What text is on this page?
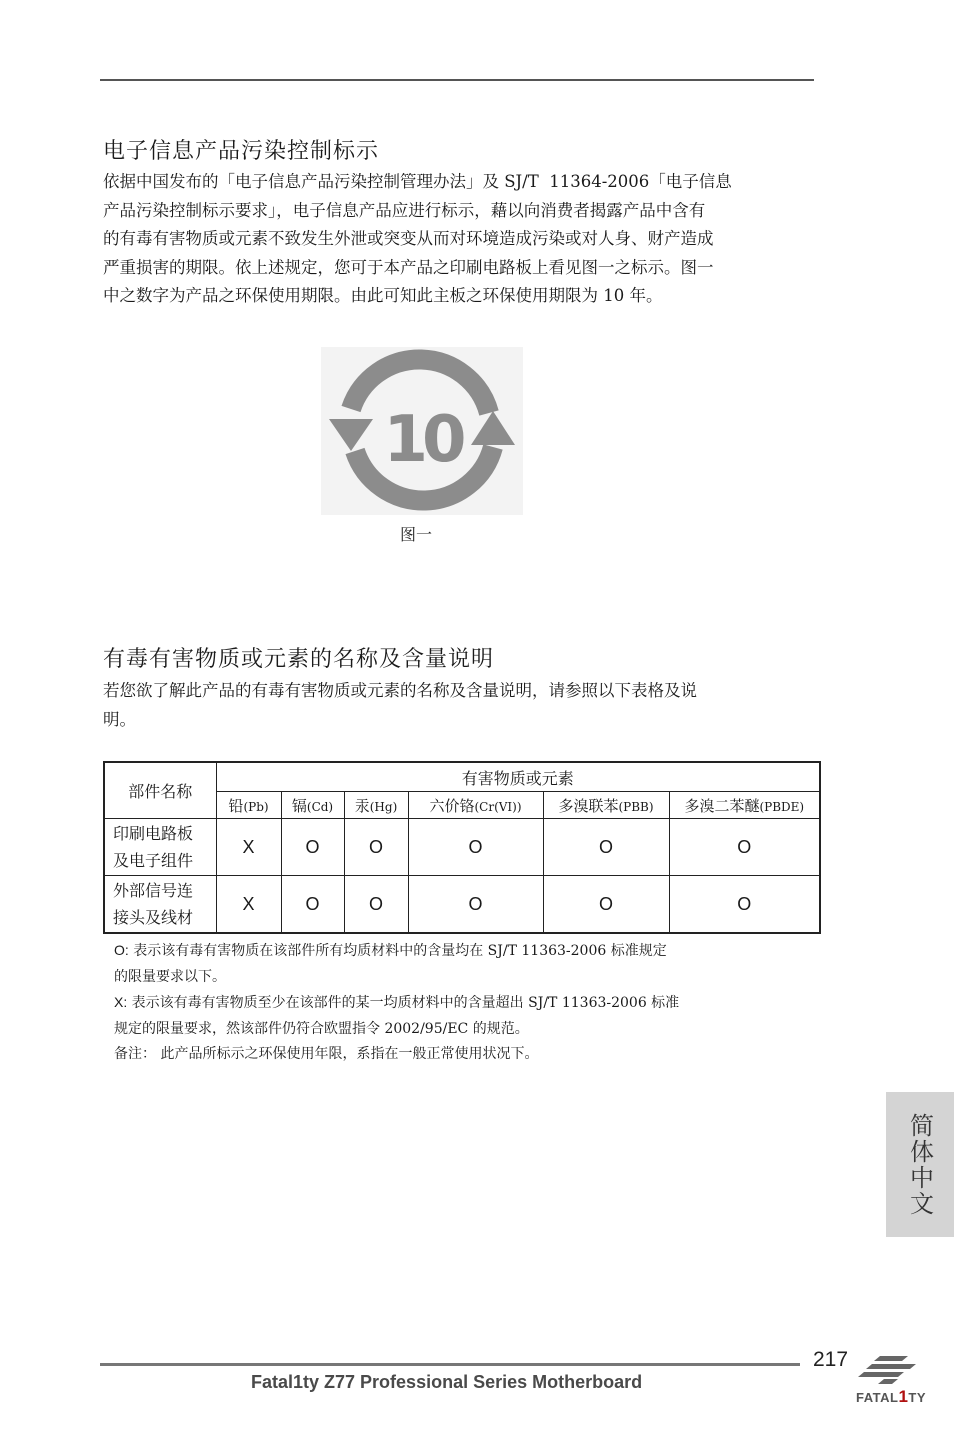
电子信息产品污染控制标示
依据中国发布的「电子信息产品污染控制管理办法」及 SJ/T  11364-2006「电子信息
产品污染控制标示要求」，电子信息产品应进行标示，藉以向消费者揭露产品中含有
的有毒有害物质或元素不致发生外泄或突变从而对环境造成污染或对人身、财产造成
严重损害的期限。依上述规定，您可于本产品之印刷电路板上看见图一之标示。图一
中之数字为产品之环保使用期限。由此可知此主板之环保使用期限为 10 年。
10
图一
有毒有害物质或元素的名称及含量说明
若您欲了解此产品的有毒有害物质或元素的名称及含量说明，请参照以下表格及说
明。
部件名称	有害物质或元素					
	铅(Pb)	镉(Cd)	汞(Hg)	六价铬(Cr(VI))	多溴联苯(PBB)	多溴二苯醚(PBDE)

印刷电路板
及电子组件	X	O	O	O	O	O

外部信号连
接头及线材	X	O	O	O	O	O
O: 表示该有毒有害物质在该部件所有均质材料中的含量均在 SJ/T 11363-2006 标准规定
的限量要求以下。
X: 表示该有毒有害物质至少在该部件的某一均质材料中的含量超出 SJ/T 11363-2006 标准
规定的限量要求，然该部件仍符合欧盟指令 2002/95/EC 的规范。
备注： 此产品所标示之环保使用年限，系指在一般正常使用状况下。
简体中文
217
Fatal1ty Z77 Professional Series Motherboard
FATAL1TY
